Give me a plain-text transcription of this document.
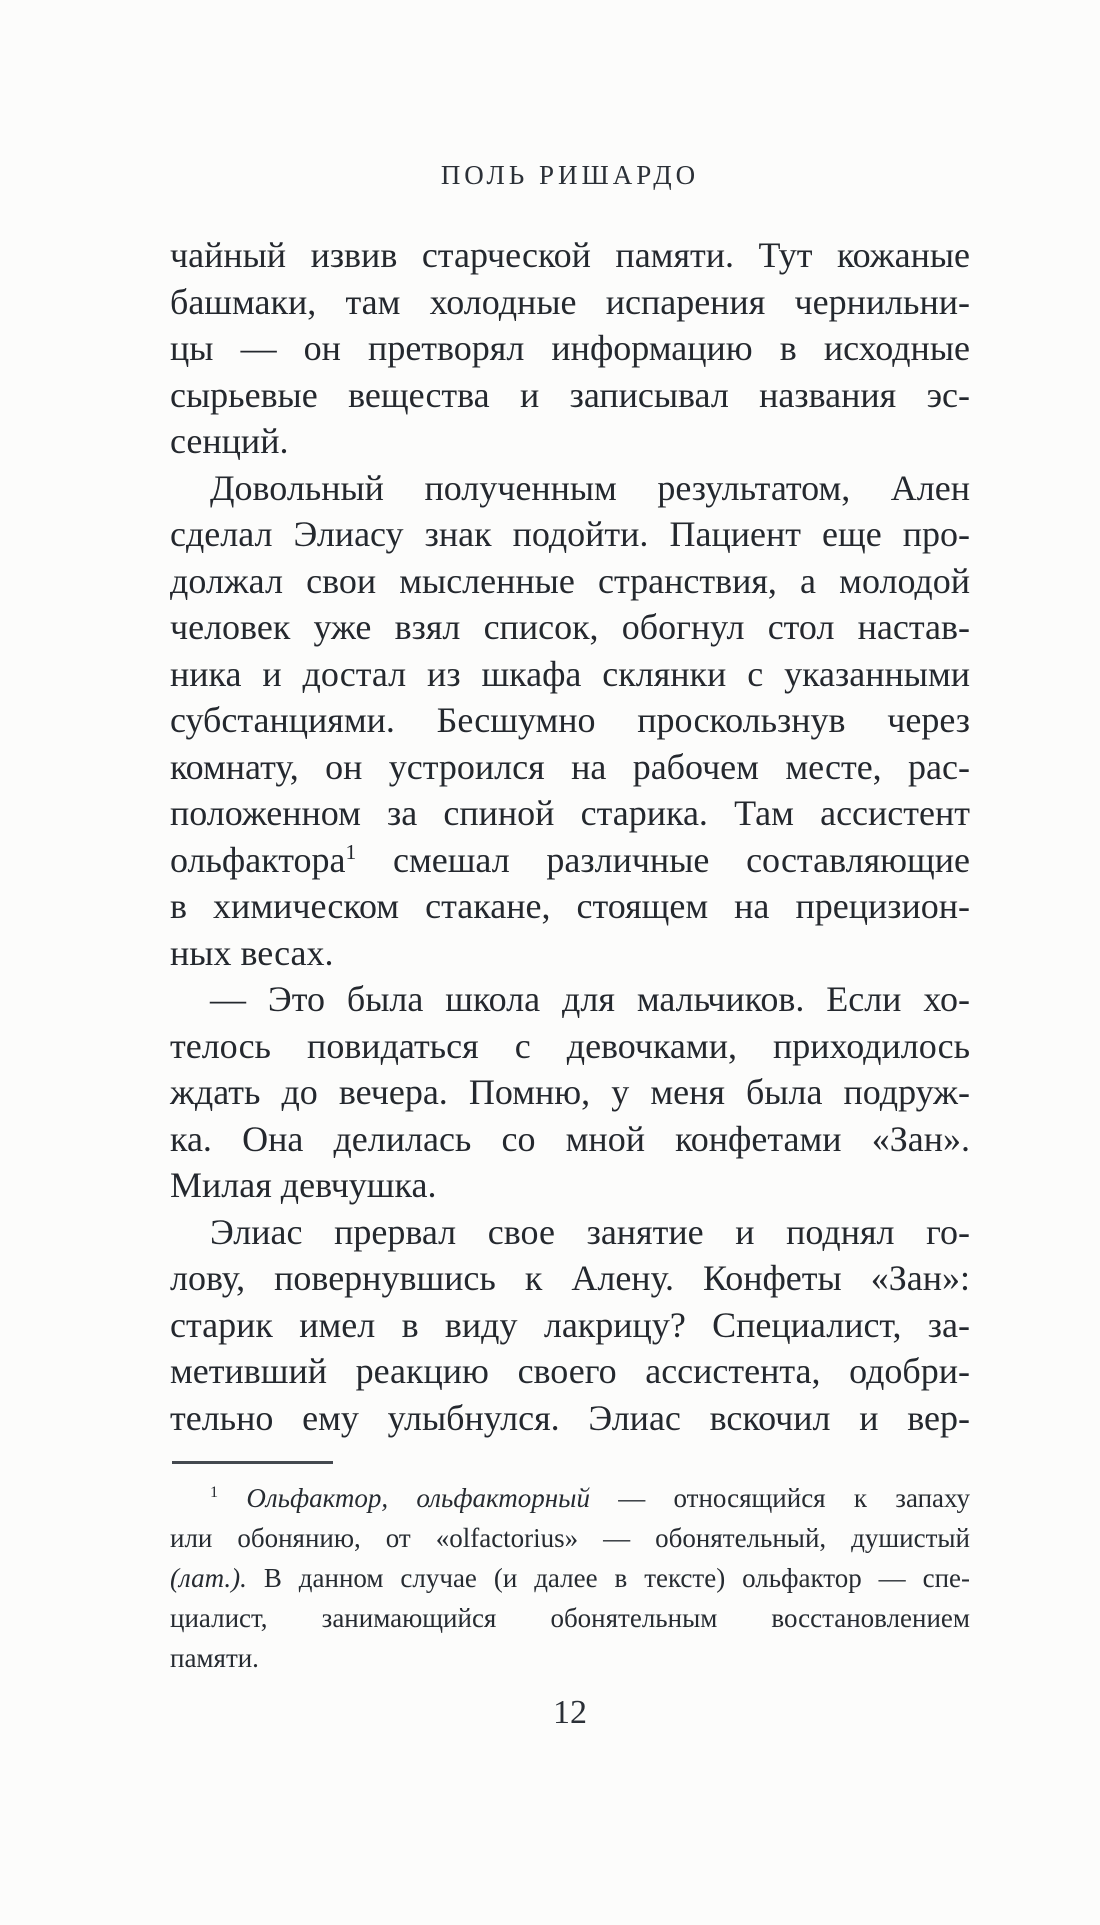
ПОЛЬ РИШАРДО
чайный извив старческой памяти. Тут кожаные
башмаки, там холодные испарения чернильни-
цы — он претворял информацию в исходные
сырьевые вещества и записывал названия эс-
сенций.
Довольный полученным результатом, Ален
сделал Элиасу знак подойти. Пациент еще про-
должал свои мысленные странствия, а молодой
человек уже взял список, обогнул стол настав-
ника и достал из шкафа склянки с указанными
субстанциями. Бесшумно проскользнув через
комнату, он устроился на рабочем месте, рас-
положенном за спиной старика. Там ассистент
ольфактора$^1$ смешал различные составляющие
в химическом стакане, стоящем на прецизион-
ных весах.
— Это была школа для мальчиков. Если хо-
телось повидаться с девочками, приходилось
ждать до вечера. Помню, у меня была подруж-
ка. Она делилась со мной конфетами «Зан».
Милая девчушка.
Элиас прервал свое занятие и поднял го-
лову, повернувшись к Алену. Конфеты «Зан»:
старик имел в виду лакрицу? Специалист, за-
метивший реакцию своего ассистента, одобри-
тельно ему улыбнулся. Элиас вскочил и вер-
$^1$ Ольфактор, ольфакторный — относящийся к запаху
или обонянию, от «olfactorius» — обонятельный, душистый
(лат.). В данном случае (и далее в тексте) ольфактор — спе-
циалист, занимающийся обонятельным восстановлением
памяти.
12
